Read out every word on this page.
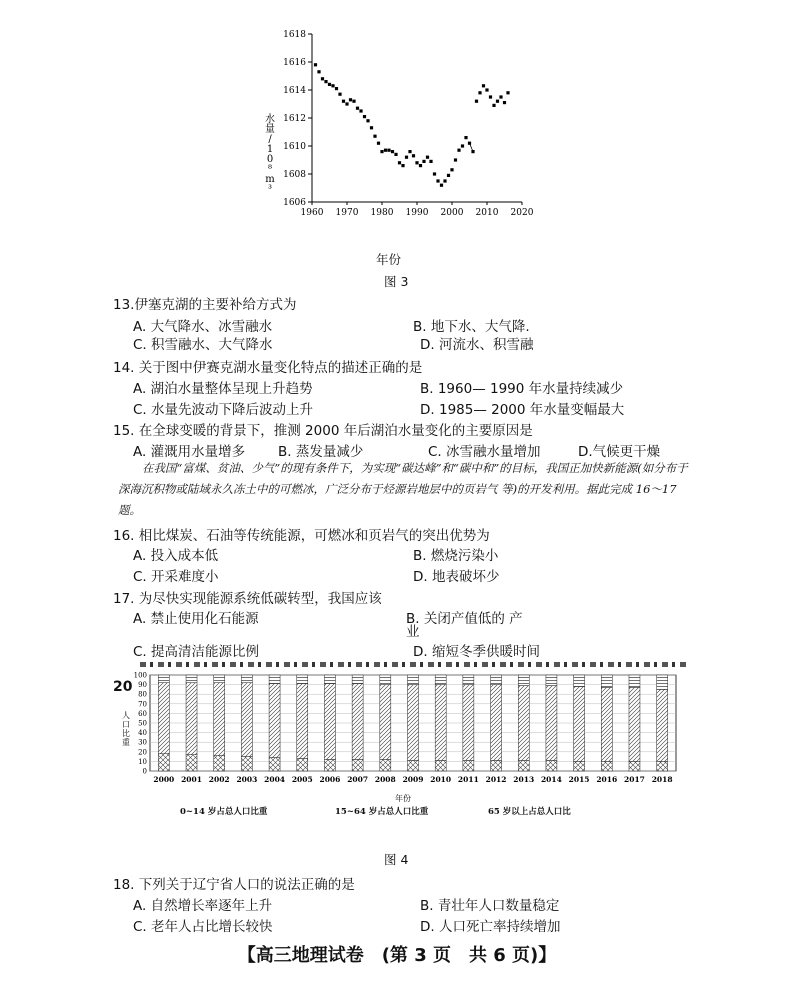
1606
1608
1610
1612
1614
1616
1618
1960 1970 1980 1990 2000 2010 2020
水量/ 1 0 ⁸ m ³
年份
图 3
13.伊塞克湖的主要补给方式为
A. 大气降水、冰雪融水	B. 地下水、大气降.
C. 积雪融水、大气降水	D. 河流水、积雪融
14. 关于图中伊赛克湖水量变化特点的描述正确的是
A. 湖泊水量整体呈现上升趋势	B. 1960— 1990 年水量持续减少
C. 水量先波动下降后波动上升	D. 1985— 2000 年水量变幅最大
15. 在全球变暖的背景下，推测 2000 年后湖泊水量变化的主要原因是
A. 灌溉用水量增多 B. 蒸发量减少	C. 冰雪融水量增加	D.气候更干燥
在我国“富煤、贫油、少气”的现有条件下，为实现“碳达峰”和“碳中和”的目标，我国正加快新能源(如分布于深海沉积物或陆域永久冻土中的可燃冰，广泛分布于烃源岩地层中的页岩气 等)的开发利用。据此完成 16～17 题。
16. 相比煤炭、石油等传统能源，可燃冰和页岩气的突出优势为
A. 投入成本低	B. 燃烧污染小
C. 开采难度小	D. 地表破坏少
17. 为尽快实现能源系统低碳转型，我国应该
A. 禁止使用化石能源	B. 关闭产值低的 产
业
C. 提高清洁能源比例	D. 缩短冬季供暖时间
20
0
10
20
30
40
50
60
70
80
90
100
2000 2001 2002 2003 2004 2005 2006 2007 2008 2009 2010 2011 2012 2013 2014 2015 2016 2017 2018
人口比重
年份
0~14 岁占总人口比重	15~64 岁占总人口比重	65 岁以上占总人口比
图 4
18. 下列关于辽宁省人口的说法正确的是
A. 自然增长率逐年上升	B. 青壮年人口数量稳定
C. 老年人占比增长较快	D. 人口死亡率持续增加
【高三地理试卷　(第 3 页　共 6 页)】
